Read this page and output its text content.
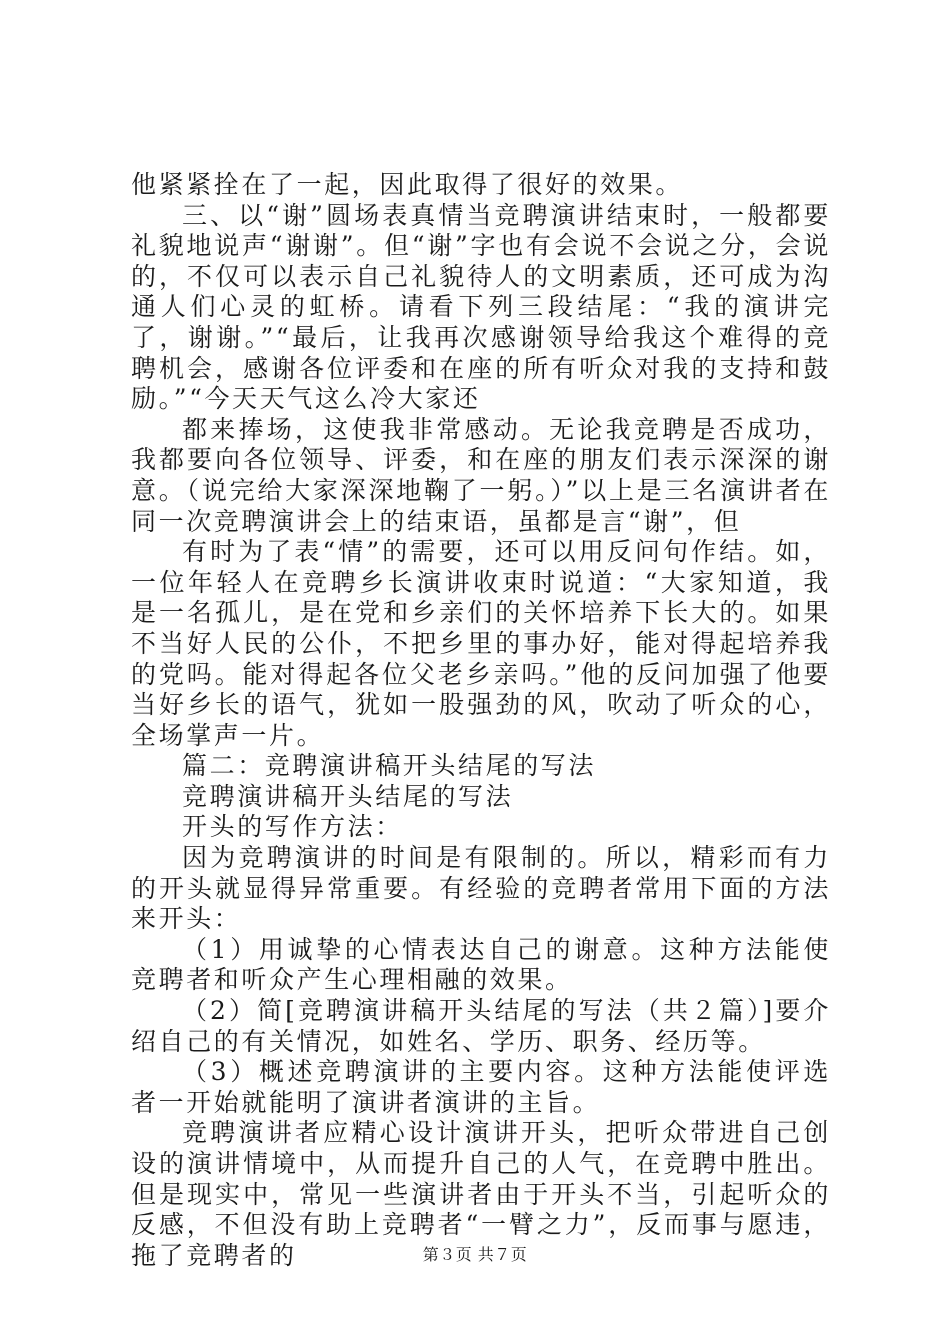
他紧紧拴在了一起，因此取得了很好的效果。

三、以“谢”圆场表真情当竞聘演讲结束时，一般都要礼貌地说声“谢谢”。但“谢”字也有会说不会说之分，会说的，不仅可以表示自己礼貌待人的文明素质，还可成为沟通人们心灵的虹桥。请看下列三段结尾：“我的演讲完了，谢谢。”“最后，让我再次感谢领导给我这个难得的竞聘机会，感谢各位评委和在座的所有听众对我的支持和鼓励。”“今天天气这么冷大家还

都来捧场，这使我非常感动。无论我竞聘是否成功，我都要向各位领导、评委，和在座的朋友们表示深深的谢意。（说完给大家深深地鞠了一躬。）”以上是三名演讲者在同一次竞聘演讲会上的结束语，虽都是言“谢”，但

有时为了表“情”的需要，还可以用反问句作结。如，一位年轻人在竞聘乡长演讲收束时说道：“大家知道，我是一名孤儿，是在党和乡亲们的关怀培养下长大的。如果不当好人民的公仆，不把乡里的事办好，能对得起培养我的党吗。能对得起各位父老乡亲吗。”他的反问加强了他要当好乡长的语气，犹如一股强劲的风，吹动了听众的心，全场掌声一片。

篇二：竞聘演讲稿开头结尾的写法

竞聘演讲稿开头结尾的写法

开头的写作方法：

因为竞聘演讲的时间是有限制的。所以，精彩而有力的开头就显得异常重要。有经验的竞聘者常用下面的方法来开头：

（1）用诚挚的心情表达自己的谢意。这种方法能使竞聘者和听众产生心理相融的效果。

（2）简[竞聘演讲稿开头结尾的写法（共２篇）]要介绍自己的有关情况，如姓名、学历、职务、经历等。

（3）概述竞聘演讲的主要内容。这种方法能使评选者一开始就能明了演讲者演讲的主旨。

竞聘演讲者应精心设计演讲开头，把听众带进自己创设的演讲情境中，从而提升自己的人气，在竞聘中胜出。但是现实中，常见一些演讲者由于开头不当，引起听众的反感，不但没有助上竞聘者“一臂之力”，反而事与愿违，拖了竞聘者的	第３页 共７页
